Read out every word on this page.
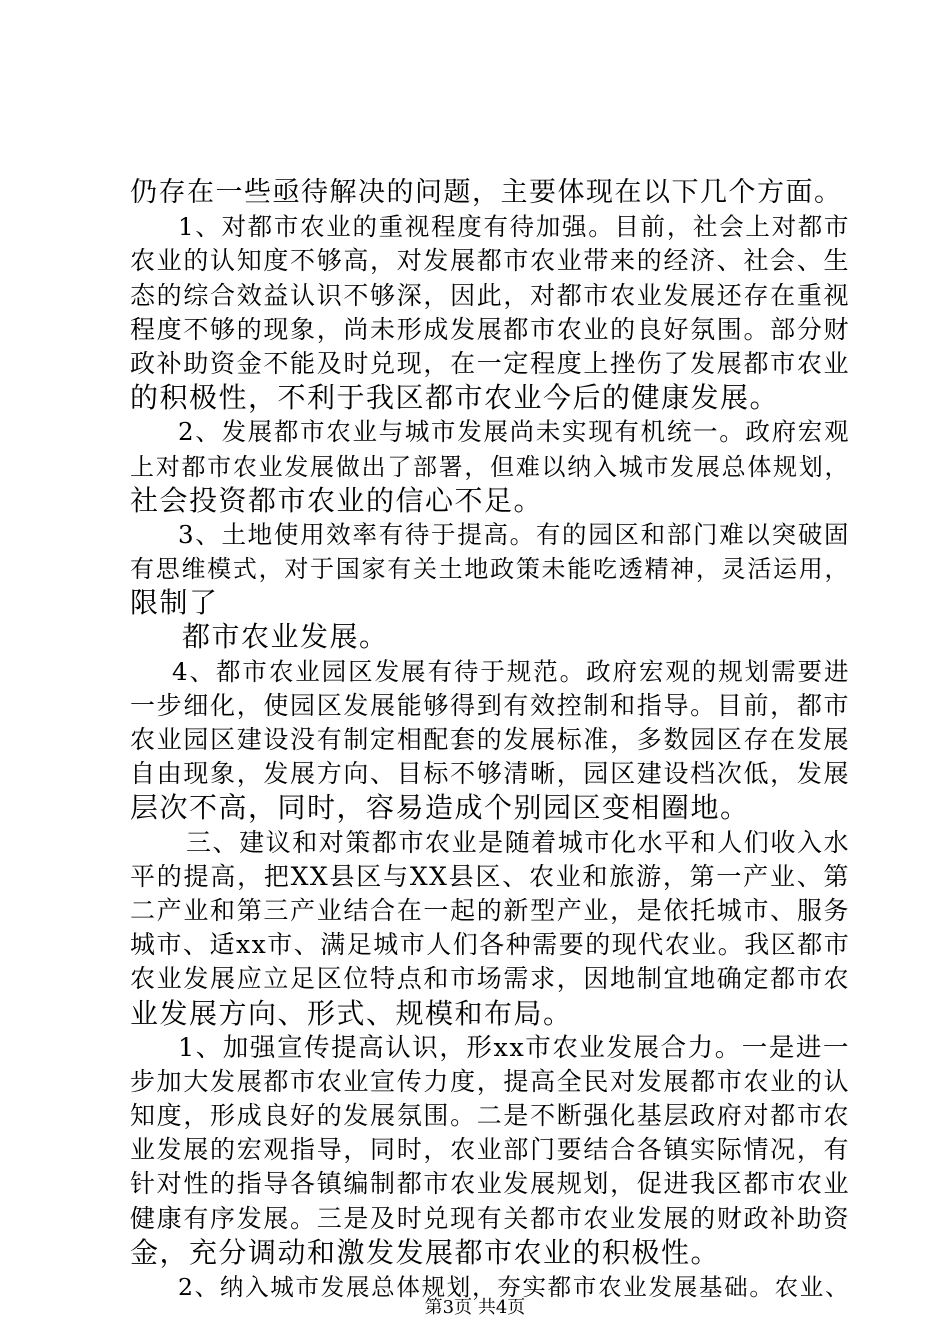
仍存在一些亟待解决的问题，主要体现在以下几个方面。
1、对都市农业的重视程度有待加强。目前，社会上对都市
农业的认知度不够高，对发展都市农业带来的经济、社会、生
态的综合效益认识不够深，因此，对都市农业发展还存在重视
程度不够的现象，尚未形成发展都市农业的良好氛围。部分财
政补助资金不能及时兑现，在一定程度上挫伤了发展都市农业
的积极性，不利于我区都市农业今后的健康发展。
2、发展都市农业与城市发展尚未实现有机统一。政府宏观
上对都市农业发展做出了部署，但难以纳入城市发展总体规划，
社会投资都市农业的信心不足。
3、土地使用效率有待于提高。有的园区和部门难以突破固
有思维模式，对于国家有关土地政策未能吃透精神，灵活运用，
限制了
都市农业发展。
4、都市农业园区发展有待于规范。政府宏观的规划需要进
一步细化，使园区发展能够得到有效控制和指导。目前，都市
农业园区建设没有制定相配套的发展标准，多数园区存在发展
自由现象，发展方向、目标不够清晰，园区建设档次低，发展
层次不高，同时，容易造成个别园区变相圈地。
三、建议和对策都市农业是随着城市化水平和人们收入水
平的提高，把XX县区与XX县区、农业和旅游，第一产业、第
二产业和第三产业结合在一起的新型产业，是依托城市、服务
城市、适xx市、满足城市人们各种需要的现代农业。我区都市
农业发展应立足区位特点和市场需求，因地制宜地确定都市农
业发展方向、形式、规模和布局。
1、加强宣传提高认识，形xx市农业发展合力。一是进一
步加大发展都市农业宣传力度，提高全民对发展都市农业的认
知度，形成良好的发展氛围。二是不断强化基层政府对都市农
业发展的宏观指导，同时，农业部门要结合各镇实际情况，有
针对性的指导各镇编制都市农业发展规划，促进我区都市农业
健康有序发展。三是及时兑现有关都市农业发展的财政补助资
金，充分调动和激发发展都市农业的积极性。
2、纳入城市发展总体规划，夯实都市农业发展基础。农业、
第3页 共4页
